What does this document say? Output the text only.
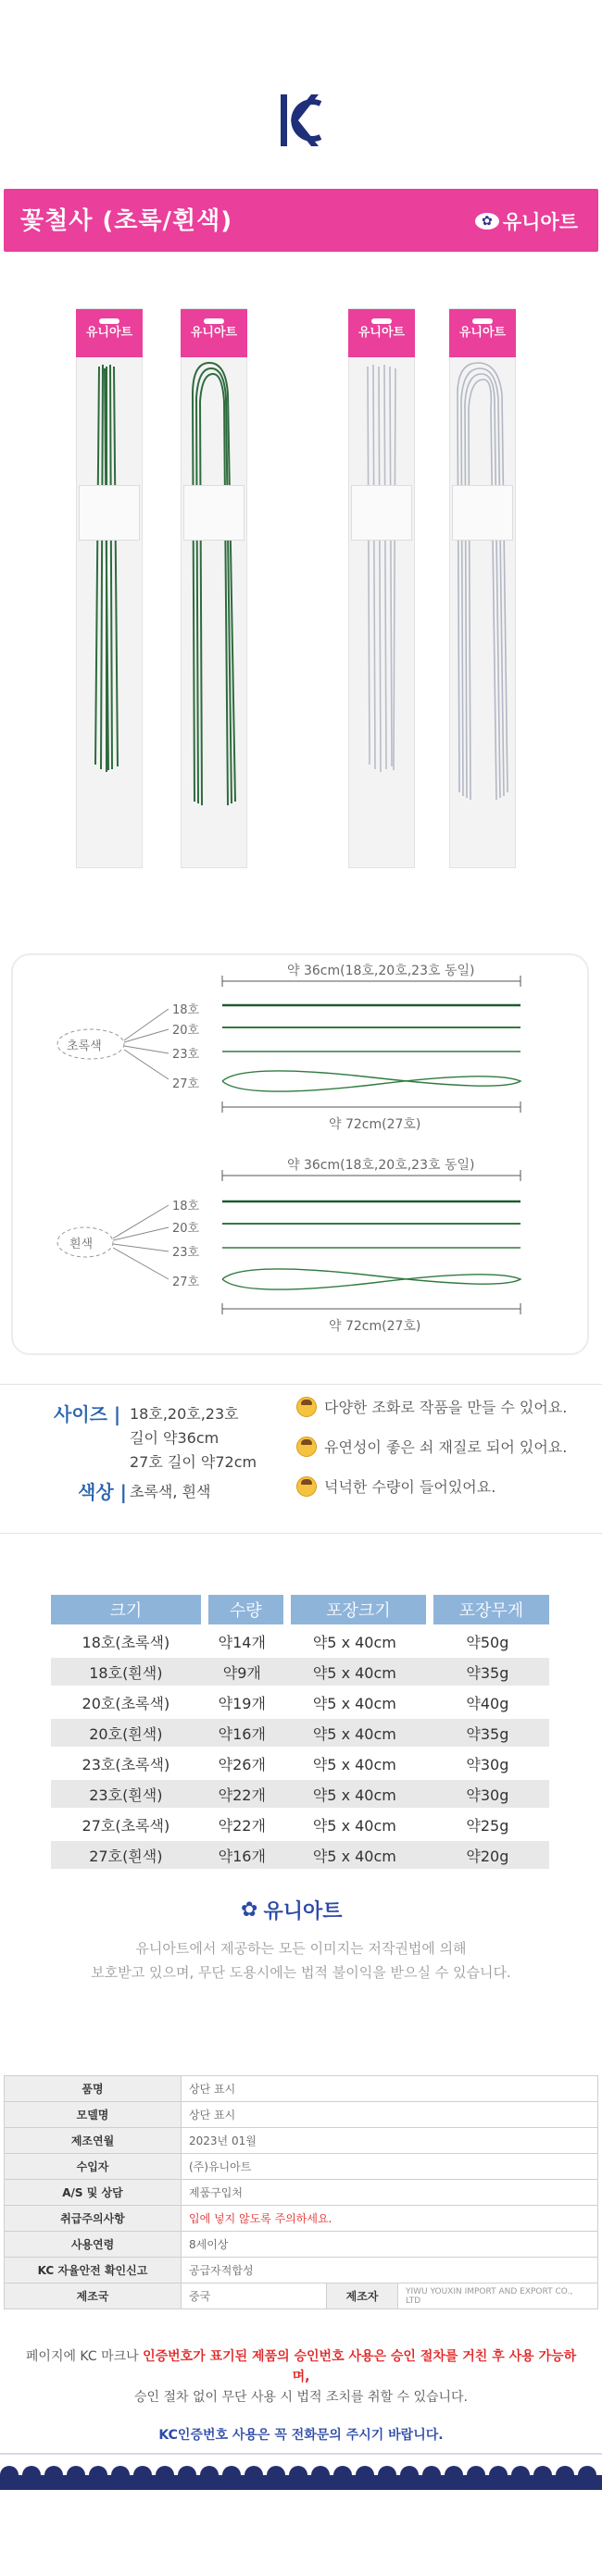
꽃철사 (초록/흰색)	✿ 유니아트
유니아트	유니아트	유니아트	유니아트
약 36cm(18호,20호,23호 동일)
초록색
18호
20호
23호
27호
약 72cm(27호)
약 36cm(18호,20호,23호 동일)
흰색
18호
20호
23호
27호
약 72cm(27호)
사이즈 | 18호,20호,23호
길이 약36cm
27호 길이 약72cm
색상 | 초록색, 흰색
다양한 조화로 작품을 만들 수 있어요.
유연성이 좋은 쇠 재질로 되어 있어요.
넉넉한 수량이 들어있어요.
크기	수량	포장크기	포장무게
18호(초록색)	약14개	약5 x 40cm	약50g
18호(흰색)	약9개	약5 x 40cm	약35g
20호(초록색)	약19개	약5 x 40cm	약40g
20호(흰색)	약16개	약5 x 40cm	약35g
23호(초록색)	약26개	약5 x 40cm	약30g
23호(흰색)	약22개	약5 x 40cm	약30g
27호(초록색)	약22개	약5 x 40cm	약25g
27호(흰색)	약16개	약5 x 40cm	약20g
✿ 유니아트
유니아트에서 제공하는 모든 이미지는 저작권법에 의해
보호받고 있으며, 무단 도용시에는 법적 불이익을 받으실 수 있습니다.
품명	상단 표시		
모델명	상단 표시		
제조연월	2023년 01월		
수입자	(주)유니아트		
A/S 및 상담	제품구입처		
취급주의사항	입에 넣지 않도록 주의하세요.		
사용연령	8세이상		
KC 자율안전 확인신고	공급자적합성		
제조국	중국	제조자	YIWU YOUXIN IMPORT AND EXPORT CO., LTD
페이지에 KC 마크나 인증번호가 표기된 제품의 승인번호 사용은 승인 절차를 거친 후 사용 가능하며,
승인 절차 없이 무단 사용 시 법적 조치를 취할 수 있습니다.
KC인증번호 사용은 꼭 전화문의 주시기 바랍니다.
